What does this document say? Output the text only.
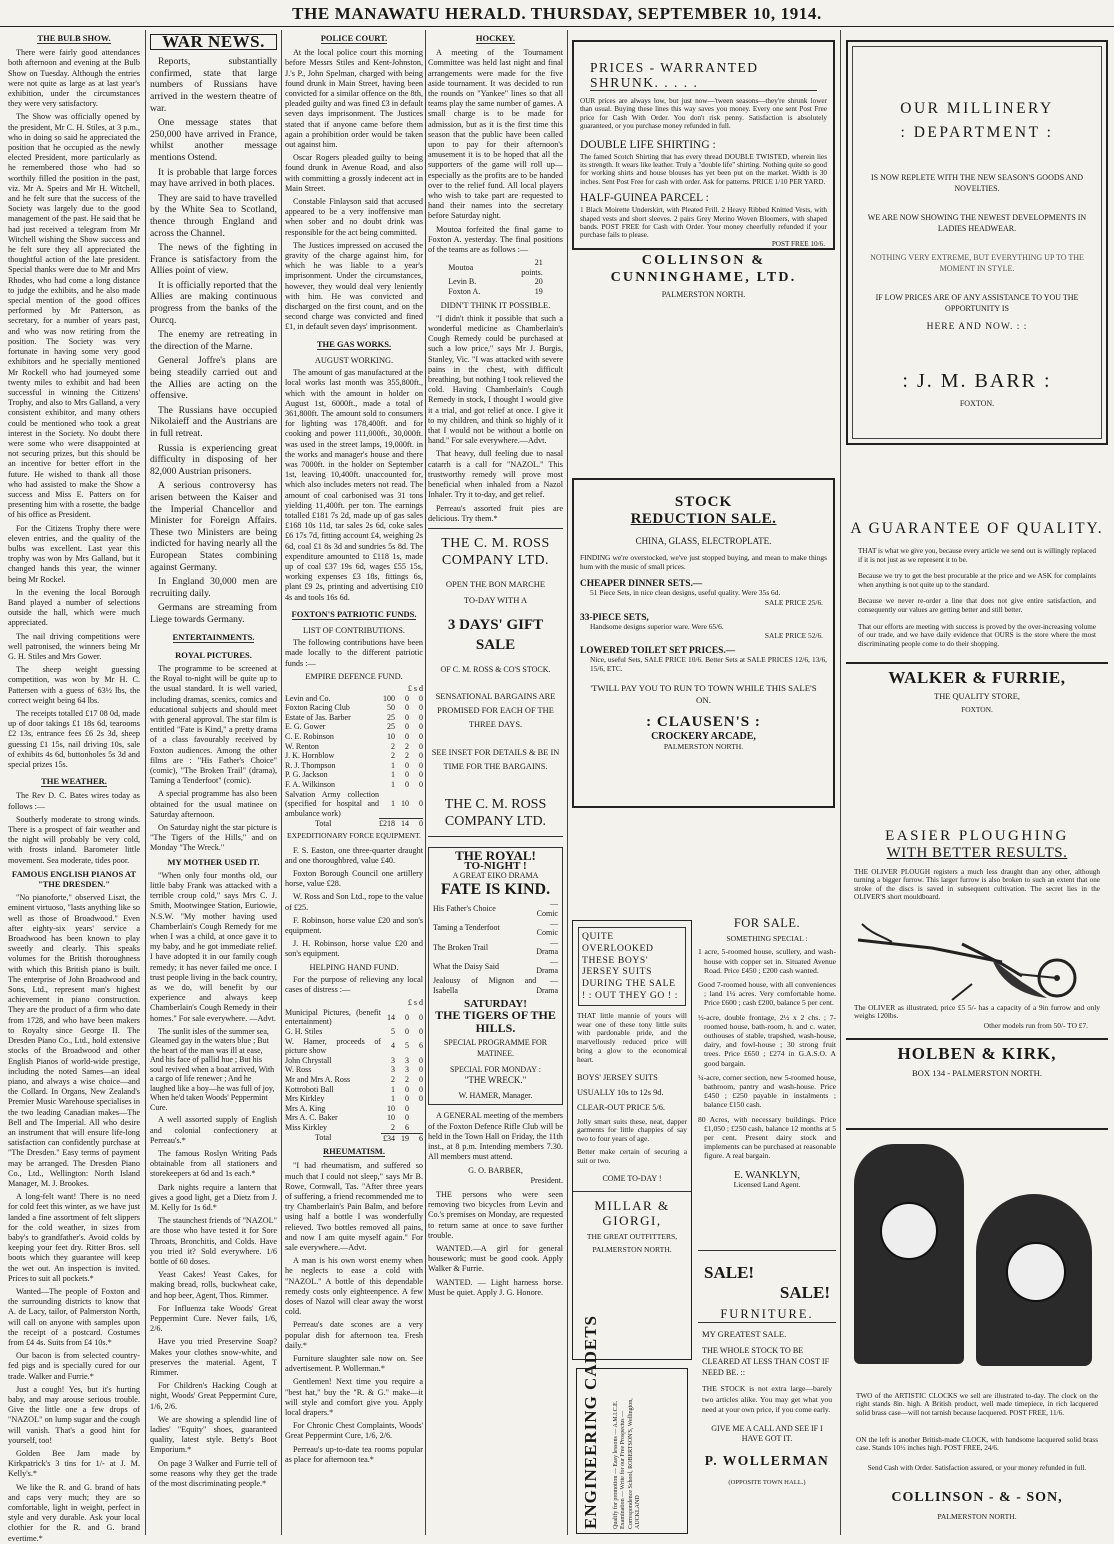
THE MANAWATU HERALD. THURSDAY, SEPTEMBER 10, 1914.
THE BULB SHOW.

There were fairly good attendances both afternoon and evening at the Bulb Show on Tuesday. Although the entries were not quite as large as at last year's exhibition, under the circumstances they were very satisfactory.

The Show was officially opened by the president, Mr C. H. Stiles, at 3 p.m., who in doing so said he appreciated the position that he occupied as the newly elected President, more particularly as he remembered those who had so worthily filled the position in the past, viz. Mr A. Speirs and Mr H. Witchell, and he felt sure that the success of the Society was largely due to the good management of the past. He said that he had just received a telegram from Mr Witchell wishing the Show success and he felt sure they all appreciated the thoughtful action of the late president. Special thanks were due to Mr and Mrs Rhodes, who had come a long distance to judge the exhibits, and he also made special mention of the good offices performed by Mr Patterson, as secretary, for a number of years past, and who was now retiring from the position. The Society was very fortunate in having some very good exhibitors and he specially mentioned Mr Rockell who had journeyed some twenty miles to exhibit and had been successful in winning the Citizens' Trophy, and also to Mrs Galland, a very consistent exhibitor, and many others could be mentioned who took a great interest in the Society. No doubt there were some who were disappointed at not securing prizes, but this should be an incentive for better effort in the future. He wished to thank all those who had assisted to make the Show a success and Miss E. Patters on for presenting him with a rosette, the badge of his office as President.

For the Citizens Trophy there were eleven entries, and the quality of the bulbs was excellent. Last year this trophy was won by Mrs Galland, but it changed hands this year, the winner being Mr Rockel.

In the evening the local Borough Band played a number of selections outside the hall, which were much appreciated.

The nail driving competitions were well patronised, the winners being Mr G. H. Stiles and Mrs Gower.

The sheep weight guessing competition, was won by Mr H. C. Pattersen with a guess of 63½ lbs, the correct weight being 64 lbs.

The receipts totalled £17 08 0d, made up of door takings £1 18s 6d, tearooms £2 13s, entrance fees £6 2s 3d, sheep guessing £1 15s, nail driving 10s, sale of exhibits 4s 6d, buttonholes 5s 3d and special prizes 15s.

THE WEATHER.

The Rev D. C. Bates wires today as follows :—

Southerly moderate to strong winds. There is a prospect of fair weather and the night will probably be very cold, with frosts inland. Barometer little movement. Sea moderate, tides poor.

FAMOUS ENGLISH PIANOS AT "THE DRESDEN."

"No pianoforte," observed Liszt, the eminent virtuoso, "lasts anything like so well as those of Broadwood." Even after eighty-six years' service a Broadwood has been known to play sweetly and clearly. This speaks volumes for the British thoroughness with which this British piano is built. The enterprise of John Broadwood and Sons, Ltd., represent man's highest achievement in piano construction. They are the product of a firm who date from 1728, and who have been makers to Royalty since George II. The Dresden Piano Co., Ltd., hold extensive stocks of the Broadwood and other English Pianos of world-wide prestige, including the noted Sames—an ideal piano, and always a wise choice—and the Collard. In Organs, New Zealand's Premier Music Warehouse specialises in the two leading Canadian makes—The Bell and The Imperial. All who desire an instrument that will ensure life-long satisfaction can confidently purchase at "The Dresden." Easy terms of payment may be arranged. The Dresden Piano Co., Ltd., Wellington: North Island Manager, M. J. Brookes.

A long-felt want! There is no need for cold feet this winter, as we have just landed a fine assortment of felt slippers for the cold weather, in sizes from baby's to grandfather's. Avoid colds by keeping your feet dry. Ritter Bros. sell boots which they guarantee will keep the wet out. An inspection is invited. Prices to suit all pockets.*

Wanted—The people of Foxton and the surrounding districts to know that A. de Lacy, tailor, of Palmerston North, will call on anyone with samples upon the receipt of a postcard. Costumes from £4 4s. Suits from £4 10s.*

Our bacon is from selected country-fed pigs and is specially cured for our trade. Walker and Furrie.*

Just a cough! Yes, but it's hurting baby, and may arouse serious trouble. Give the little one a few drops of "NAZOL" on lump sugar and the cough will vanish. That's a good hint for yourself, too!

Golden Bee Jam made by Kirkpatrick's 3 tins for 1/- at J. M. Kelly's.*

We like the R. and G. brand of hats and caps very much; they are so comfortable, light in weight, perfect in style and very durable. Ask your local clothier for the R. and G. brand evertime.*

WAR NEWS.

Reports, substantially confirmed, state that large numbers of Russians have arrived in the western theatre of war.

One message states that 250,000 have arrived in France, whilst another message mentions Ostend.

It is probable that large forces may have arrived in both places.

They are said to have travelled by the White Sea to Scotland, thence through England and across the Channel.

The news of the fighting in France is satisfactory from the Allies point of view.

It is officially reported that the Allies are making continuous progress from the banks of the Ourcq.

The enemy are retreating in the direction of the Marne.

General Joffre's plans are being steadily carried out and the Allies are acting on the offensive.

The Russians have occupied Nikolaieff and the Austrians are in full retreat.

Russia is experiencing great difficulty in disposing of her 82,000 Austrian prisoners.

A serious controversy has arisen between the Kaiser and the Imperial Chancellor and Minister for Foreign Affairs. These two Ministers are being indicted for having nearly all the European States combining against Germany.

In England 30,000 men are recruiting daily.

Germans are streaming from Liege towards Germany.

ENTERTAINMENTS.
ROYAL PICTURES.

The programme to be screened at the Royal to-night will be quite up to the usual standard. It is well varied, including dramas, scenics, comics and educational subjects and should meet with general approval. The star film is entitled "Fate is Kind," a pretty drama of a class favourably received by Foxton audiences. Among the other films are : "His Father's Choice" (comic), "The Broken Trail" (drama), Taming a Tenderfoot" (comic).

A special programme has also been obtained for the usual matinee on Saturday afternoon.

On Saturday night the star picture is "The Tigers of the Hills," and on Monday "The Wreck."

MY MOTHER USED IT.

"When only four months old, our little baby Frank was attacked with a terrible croup cold," says Mrs C. J. Smith, Mootwingee Station, Euriowie, N.S.W. "My mother having used Chamberlain's Cough Remedy for me when I was a child, at once gave it to my baby, and he got immediate relief. I have adopted it in our family cough remedy; it has never failed me once. I trust people living in the back country, as we do, will benefit by our experience and always keep Chamberlain's Cough Remedy in their homes." For sale everywhere. —Advt.

The sunlit isles of the summer sea, Gleamed gay in the waters blue ; But the heart of the man was ill at ease, And his face of pallid hue ; But his soul revived when a boat arrived, With a cargo of life renewer ; And he laughed like a boy—he was full of joy, When he'd taken Woods' Peppermint Cure.

A well assorted supply of English and colonial confectionery at Perreau's.*

The famous Roslyn Writing Pads obtainable from all stationers and storekeepers at 6d and 1s each.*

Dark nights require a lantern that gives a good light, get a Dietz from J. M. Kelly for 1s 6d.*

The staunchest friends of "NAZOL" are those who have tested it for Sore Throats, Bronchitis, and Colds. Have you tried it? Sold everywhere. 1/6 bottle of 60 doses.

Yeast Cakes! Yeast Cakes, for making bread, rolls, buckwheat cake, and hop beer, Agent, Thos. Rimmer.

For Influenza take Woods' Great Peppermint Cure. Never fails, 1/6, 2/6.

Have you tried Preservine Soap? Makes your clothes snow-white, and preserves the material. Agent, T Rimmer.

For Children's Hacking Cough at night, Woods' Great Peppermint Cure, 1/6, 2/6.

We are showing a splendid line of ladies' "Equity" shoes, guaranteed quality, latest style. Betty's Boot Emporium.*

On page 3 Walker and Furrie tell of some reasons why they get the trade of the most discriminating people.*

POLICE COURT.

At the local police court this morning before Messrs Stiles and Kent-Johnston, J.'s P., John Spelman, charged with being found drunk in Main Street, having been convicted for a similar offence on the 8th, pleaded guilty and was fined £3 in default seven days imprisonment. The Justices stated that if anyone came before them again a prohibition order would be taken out against him.

Oscar Rogers pleaded guilty to being found drunk in Avenue Road, and also with committing a grossly indecent act in Main Street.

Constable Finlayson said that accused appeared to be a very inoffensive man when sober and no doubt drink was responsible for the act being committed.

The Justices impressed on accused the gravity of the charge against him, for which he was liable to a year's imprisonment. Under the circumstances, however, they would deal very leniently with him. He was convicted and discharged on the first count, and on the second charge was convicted and fined £1, in default seven days' imprisonment.

THE GAS WORKS.
AUGUST WORKING.

The amount of gas manufactured at the local works last month was 355,800ft., which with the amount in holder on August 1st, 6000ft., made a total of 361,800ft. The amount sold to consumers for lighting was 178,400ft. and for cooking and power 111,000ft., 30,000ft. was used in the street lamps, 19,000ft. in the works and manager's house and there was 7000ft. in the holder on September 1st, leaving 10,400ft. unaccounted for, which also includes meters not read. The amount of coal carbonised was 31 tons yielding 11,400ft. per ton. The earnings totalled £181 7s 2d, made up of gas sales £168 10s 11d, tar sales 2s 6d, coke sales £6 17s 7d, fitting account £4, weighing 2s 6d, coal £1 8s 3d and sundries 5s 8d. The expenditure amounted to £118 1s, made up of coal £37 19s 6d, wages £55 15s, working expenses £3 18s, fittings 6s, plant £9 2s, printing and advertising £10 4s and tools 16s 6d.

FOXTON'S PATRIOTIC FUNDS.
LIST OF CONTRIBUTIONS.

The following contributions have been made locally to the different patriotic funds :—

EMPIRE DEFENCE FUND.
	£ s d		
Levin and Co.	100	0	0
Foxton Racing Club	50	0	0
Estate of Jas. Barber	25	0	0
E. G. Gower	25	0	0
C. E. Robinson	10	0	0
W. Renton	2	2	0
J. K. Hornblow	2	2	0
R. J. Thompson	1	0	0
P. G. Jackson	1	0	0
F. A. Wilkinson	1	0	0
Salvation Army collection (specified for hospital and ambulance work)	1	10	0
Total	£218	14	0
EXPEDITIONARY FORCE EQUIPMENT.

F. S. Easton, one three-quarter draught and one thoroughbred, value £40.

Foxton Borough Council one artillery horse, value £28.

W. Ross and Son Ltd., rope to the value of £25.

F. Robinson, horse value £20 and son's equipment.

J. H. Robinson, horse value £20 and son's equipment.

HELPING HAND FUND.

For the purpose of relieving any local cases of distress :—

	£ s d		
Municipal Pictures, (benefit entertainment)	14	0	0
G. H. Stiles	5	0	0
W. Hamer, proceeds of picture show	4	5	6
John Chrystall	3	3	0
W. Ross	3	3	0
Mr and Mrs A. Ross	2	2	0
Kottroboti Ball	1	0	0
Mrs Kirkley	1	0	0
Mrs A. King	10	0	
Mrs A. C. Baker	10	0	
Miss Kirkley	2	6	
Total	£34	19	6
RHEUMATISM.

"I had rheumatism, and suffered so much that I could not sleep," says Mr B. Rowe, Cornwall, Tas. "After three years of suffering, a friend recommended me to try Chamberlain's Pain Balm, and before using half a bottle I was wonderfully relieved. Two bottles removed all pains, and now I am quite myself again." For sale everywhere.—Advt.

A man is his own worst enemy when he neglects to ease a cold with "NAZOL." A bottle of this dependable remedy costs only eighteenpence. A few doses of Nazol will clear away the worst cold.

Perreau's date scones are a very popular dish for afternoon tea. Fresh daily.*

Furniture slaughter sale now on. See advertisement. P. Wollerman.*

Gentlemen! Next time you require a "best hat," buy the "R. & G." make—it will style and comfort give you. Apply local drapers.*

For Chronic Chest Complaints, Woods' Great Peppermint Cure, 1/6, 2/6.

Perreau's up-to-date tea rooms popular as place for afternoon tea.*

HOCKEY.

A meeting of the Tournament Committee was held last night and final arrangements were made for the five aside tournament. It was decided to run the rounds on "Yankee" lines so that all teams play the same number of games. A small charge is to be made for admission, but as it is the first time this season that the public have been called upon to pay for their afternoon's amusement it is to be hoped that all the supporters of the game will roll up—especially as the profits are to be handed over to the relief fund. All local players who wish to take part are requested to hand their names into the secretary before Saturday night.

Moutoa forfeited the final game to Foxton A. yesterday. The final positions of the teams are as follows :—

Moutoa	21 points.
Levin B.	20
Foxton A.	19
DIDN'T THINK IT POSSIBLE.

"I didn't think it possible that such a wonderful medicine as Chamberlain's Cough Remedy could be purchased at such a low price," says Mr J. Burgis, Stanley, Vic. "I was attacked with severe pains in the chest, with difficult breathing, but nothing I took relieved the cold. Having Chamberlain's Cough Remedy in stock, I thought I would give it a trial, and got relief at once. I give it to my children, and think so highly of it that I would not be without a bottle on hand." For sale everywhere.—Advt.

That heavy, dull feeling due to nasal catarrh is a call for "NAZOL." This trustworthy remedy will prove most beneficial when inhaled from a Nazol Inhaler. Try it to-day, and get relief.

Perreau's assorted fruit pies are delicious. Try them.*

THE C. M. ROSS COMPANY LTD.
OPEN THE BON MARCHE
TO-DAY WITH A
3 DAYS' GIFT SALE
OF C. M. ROSS & CO'S STOCK.
SENSATIONAL BARGAINS ARE PROMISED FOR EACH OF THE THREE DAYS.
SEE INSET FOR DETAILS & BE IN TIME FOR THE BARGAINS.
THE C. M. ROSS COMPANY LTD.
THE ROYAL!
TO-NIGHT !
A GREAT EIKO DRAMA
FATE IS KIND.
His Father's Choice	—Comic
Taming a Tenderfoot	—Comic
The Broken Trail	—Drama
What the Daisy Said	—Drama
Jealousy of Mignon and Isabella	—Drama
SATURDAY!
THE TIGERS OF THE HILLS.
SPECIAL PROGRAMME FOR MATINEE.
SPECIAL FOR MONDAY :
"THE WRECK."
W. HAMER, Manager.

A GENERAL meeting of the members of the Foxton Defence Rifle Club will be held in the Town Hall on Friday, the 11th inst., at 8 p.m. Intending members 7.30. All members must attend.

G. O. BARBER,
President.

THE persons who were seen removing two bicycles from Levin and Co.'s premises on Monday, are requested to return same at once to save further trouble.

WANTED.—A girl for general housework; must be good cook. Apply Walker & Furrie.

WANTED. — Light harness horse. Must be quiet. Apply J. G. Honore.

PRICES - WARRANTED SHRUNK. . . . .
OUR prices are always low, but just now—'tween seasons—they're shrunk lower than usual. Buying these lines this way saves you money. Every one sent Post Free price for Cash With Order. You don't risk penny. Satisfaction is absolutely guaranteed, or you purchase money refunded in full.
DOUBLE LIFE SHIRTING :
The famed Scotch Shirting that has every thread DOUBLE TWISTED, wherein lies its strength. It wears like leather. Truly a "double life" shirting. Nothing quite so good for working shirts and house blouses has yet been put on the market. Width is 30 inches. Sent Post Free for cash with order. Ask for patterns. PRICE 1/10 PER YARD.
HALF-GUINEA PARCEL :
1 Black Moirette Underskirt, with Pleated Frill. 2 Heavy Ribbed Knitted Vests, with shaped vests and short sleeves. 2 pairs Grey Merino Woven Bloomers, with shaped bands. POST FREE for Cash with Order. Your money cheerfully refunded if your purchase fails to please.
POST FREE 10/6.
COLLINSON & CUNNINGHAME, LTD.
PALMERSTON NORTH.
STOCK
REDUCTION SALE.
CHINA, GLASS, ELECTROPLATE.
FINDING we're overstocked, we've just stopped buying, and mean to make things hum with the music of small prices.
CHEAPER DINNER SETS.—
51 Piece Sets, in nice clean designs, useful quality. Were 35s 6d.
SALE PRICE 25/6.
33-PIECE SETS,
Handsome designs superior ware. Were 65/6.
SALE PRICE 52/6.
LOWERED TOILET SET PRICES.—
Nice, useful Sets, SALE PRICE 10/6. Better Sets at SALE PRICES 12/6, 13/6, 15/6, ETC.
'TWILL PAY YOU TO RUN TO TOWN WHILE THIS SALE'S ON.
: CLAUSEN'S :
CROCKERY ARCADE,
PALMERSTON NORTH.
QUITE OVERLOOKED THESE BOYS' JERSEY SUITS DURING THE SALE ! : OUT THEY GO ! :
THAT little mannie of yours will wear one of these tony little suits with pardonable pride, and the marvellously reduced price will bring a glow to the economical heart.
BOYS' JERSEY SUITS
USUALLY 10s to 12s 9d.
CLEAR-OUT PRICE 5/6.
Jolly smart suits these, neat, dapper garments for little chappies of say two to four years of age.
Better make certain of securing a suit or two.
COME TO-DAY !
MILLAR & GIORGI,
THE GREAT OUTFITTERS,
PALMERSTON NORTH.
ENGINEERING CADETS Qualify for promotion — Easy lessons — A.M.I.C.E. Examination — Write for our Free Prospectus — Correspondence School, ROBERTSON'S, Wellington, AUCKLAND
FOR SALE.
SOMETHING SPECIAL :
1 acre, 5-roomed house, scullery, and wash-house with copper set in. Situated Avenue Road. Price £450 ; £200 cash wanted.
Good 7-roomed house, with all conveniences ; land 1¼ acres. Very comfortable home. Price £600 ; cash £200, balance 5 per cent.
½-acre, double frontage, 2½ x 2 chs. ; 7-roomed house, bath-room, h. and c. water, outhouses of stable, trapshed, wash-house, dairy, and fowl-house ; 30 strong fruit trees. Price £650 ; £274 in G.A.S.O. A good bargain.
¼-acre, corner section, new 5-roomed house, bathroom, pantry and wash-house. Price £450 ; £250 payable in instalments ; balance £150 cash.
80 Acres, with necessary buildings. Price £1,050 ; £250 cash, balance 12 months at 5 per cent. Present dairy stock and implements can be purchased at reasonable figure. A real bargain.
E. WANKLYN,
Licensed Land Agent.
SALE!
SALE!
FURNITURE.
MY GREATEST SALE.
THE WHOLE STOCK TO BE CLEARED AT LESS THAN COST IF NEED BE. ::
THE STOCK is not extra large—barely two articles alike. You may get what you need at your own price, if you come early.
GIVE ME A CALL AND SEE IF I HAVE GOT IT.
P. WOLLERMAN
(OPPOSITE TOWN HALL.)
OUR MILLINERY
: DEPARTMENT :
IS NOW REPLETE WITH THE NEW SEASON'S GOODS AND NOVELTIES.
WE ARE NOW SHOWING THE NEWEST DEVELOPMENTS IN LADIES HEADWEAR.
NOTHING VERY EXTREME, BUT EVERYTHING UP TO THE MOMENT IN STYLE.
IF LOW PRICES ARE OF ANY ASSISTANCE TO YOU THE OPPORTUNITY IS
HERE AND NOW. : :
: J. M. BARR :
FOXTON.
A GUARANTEE OF QUALITY.
THAT is what we give you, because every article we send out is willingly replaced if it is not just as we represent it to be.
Because we try to get the best procurable at the price and we ASK for complaints when anything is not quite up to the standard.
Because we never re-order a line that does not give entire satisfaction, and consequently our values are getting better and still better.
That our efforts are meeting with success is proved by the over-increasing volume of our trade, and we have daily evidence that OURS is the store where the most discriminating people come to do their shopping.
WALKER & FURRIE,
THE QUALITY STORE,
FOXTON.
EASIER PLOUGHING
WITH BETTER RESULTS.
THE OLIVER PLOUGH registers a much less draught than any other, although turning a bigger furrow. This larger furrow is also broken to such an extent that one stroke of the discs is saved in subsequent cultivation. The secret lies in the OLIVER'S short mouldboard.
The OLIVER as illustrated, price £5 5/- has a capacity of a 9in furrow and only weighs 120lbs.
Other models run from 50/- TO £7.
HOLBEN & KIRK,
BOX 134 - PALMERSTON NORTH.
TWO of the ARTISTIC CLOCKS we sell are illustrated to-day. The clock on the right stands 8in. high. A British product, well made timepiece, in rich lacquered solid brass case—will not tarnish because lacquered. POST FREE, 11/6.
ON the left is another British-made CLOCK, with handsome lacquered solid brass case. Stands 10½ inches high. POST FREE, 24/6.
Send Cash with Order. Satisfaction assured, or your money refunded in full.
COLLINSON - & - SON,
PALMERSTON NORTH.
